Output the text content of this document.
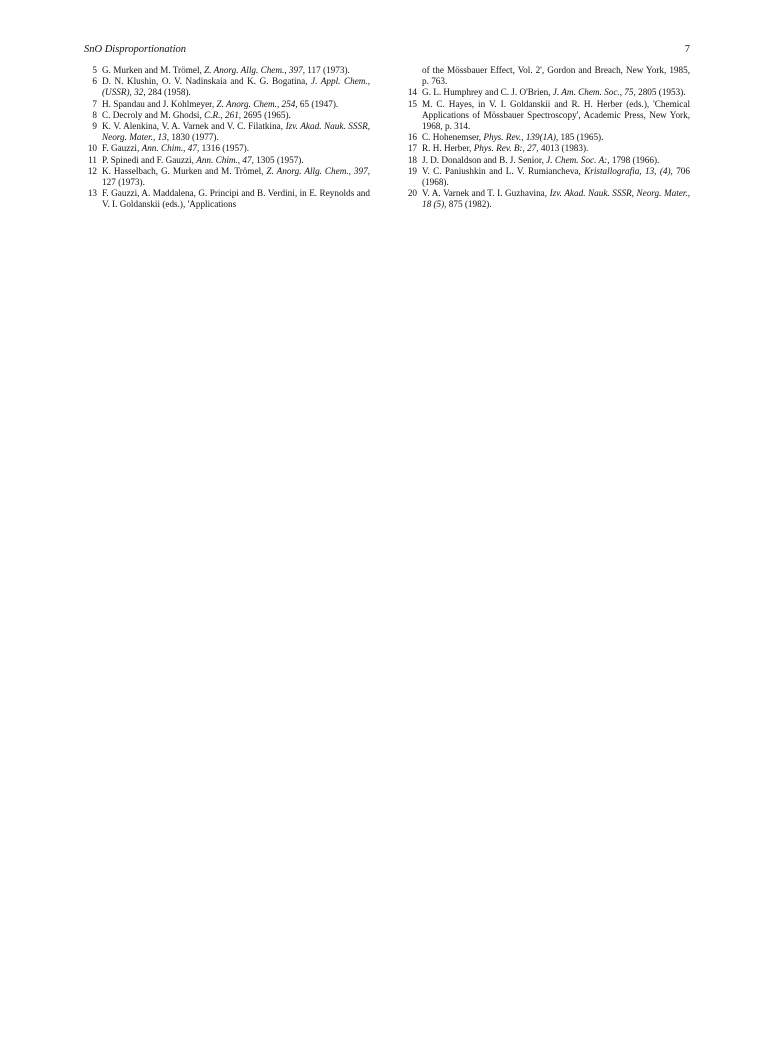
SnO Disproportionation	7
5 G. Murken and M. Trömel, Z. Anorg. Allg. Chem., 397, 117 (1973).
6 D. N. Klushin, O. V. Nadinskaia and K. G. Bogatina, J. Appl. Chem., (USSR), 32, 284 (1958).
7 H. Spandau and J. Kohlmeyer, Z. Anorg. Chem., 254, 65 (1947).
8 C. Decroly and M. Ghodsi, C.R., 261, 2695 (1965).
9 K. V. Alenkina, V. A. Varnek and V. C. Filatkina, Izv. Akad. Nauk. SSSR, Neorg. Mater., 13, 1830 (1977).
10 F. Gauzzi, Ann. Chim., 47, 1316 (1957).
11 P. Spinedi and F. Gauzzi, Ann. Chim., 47, 1305 (1957).
12 K. Hasselbach, G. Murken and M. Trömel, Z. Anorg. Allg. Chem., 397, 127 (1973).
13 F. Gauzzi, A. Maddalena, G. Principi and B. Verdini, in E. Reynolds and V. I. Goldanskii (eds.), 'Applications
of the Mössbauer Effect, Vol. 2', Gordon and Breach, New York, 1985, p. 763.
14 G. L. Humphrey and C. J. O'Brien, J. Am. Chem. Soc., 75, 2805 (1953).
15 M. C. Hayes, in V. I. Goldanskii and R. H. Herber (eds.), 'Chemical Applications of Mössbauer Spectroscopy', Academic Press, New York, 1968, p. 314.
16 C. Hohenemser, Phys. Rev., 139(1A), 185 (1965).
17 R. H. Herber, Phys. Rev. B:, 27, 4013 (1983).
18 J. D. Donaldson and B. J. Senior, J. Chem. Soc. A:, 1798 (1966).
19 V. C. Paniushkin and L. V. Rumiancheva, Kristallografia, 13, (4), 706 (1968).
20 V. A. Varnek and T. I. Guzhavina, Izv. Akad. Nauk. SSSR, Neorg. Mater., 18 (5), 875 (1982).
